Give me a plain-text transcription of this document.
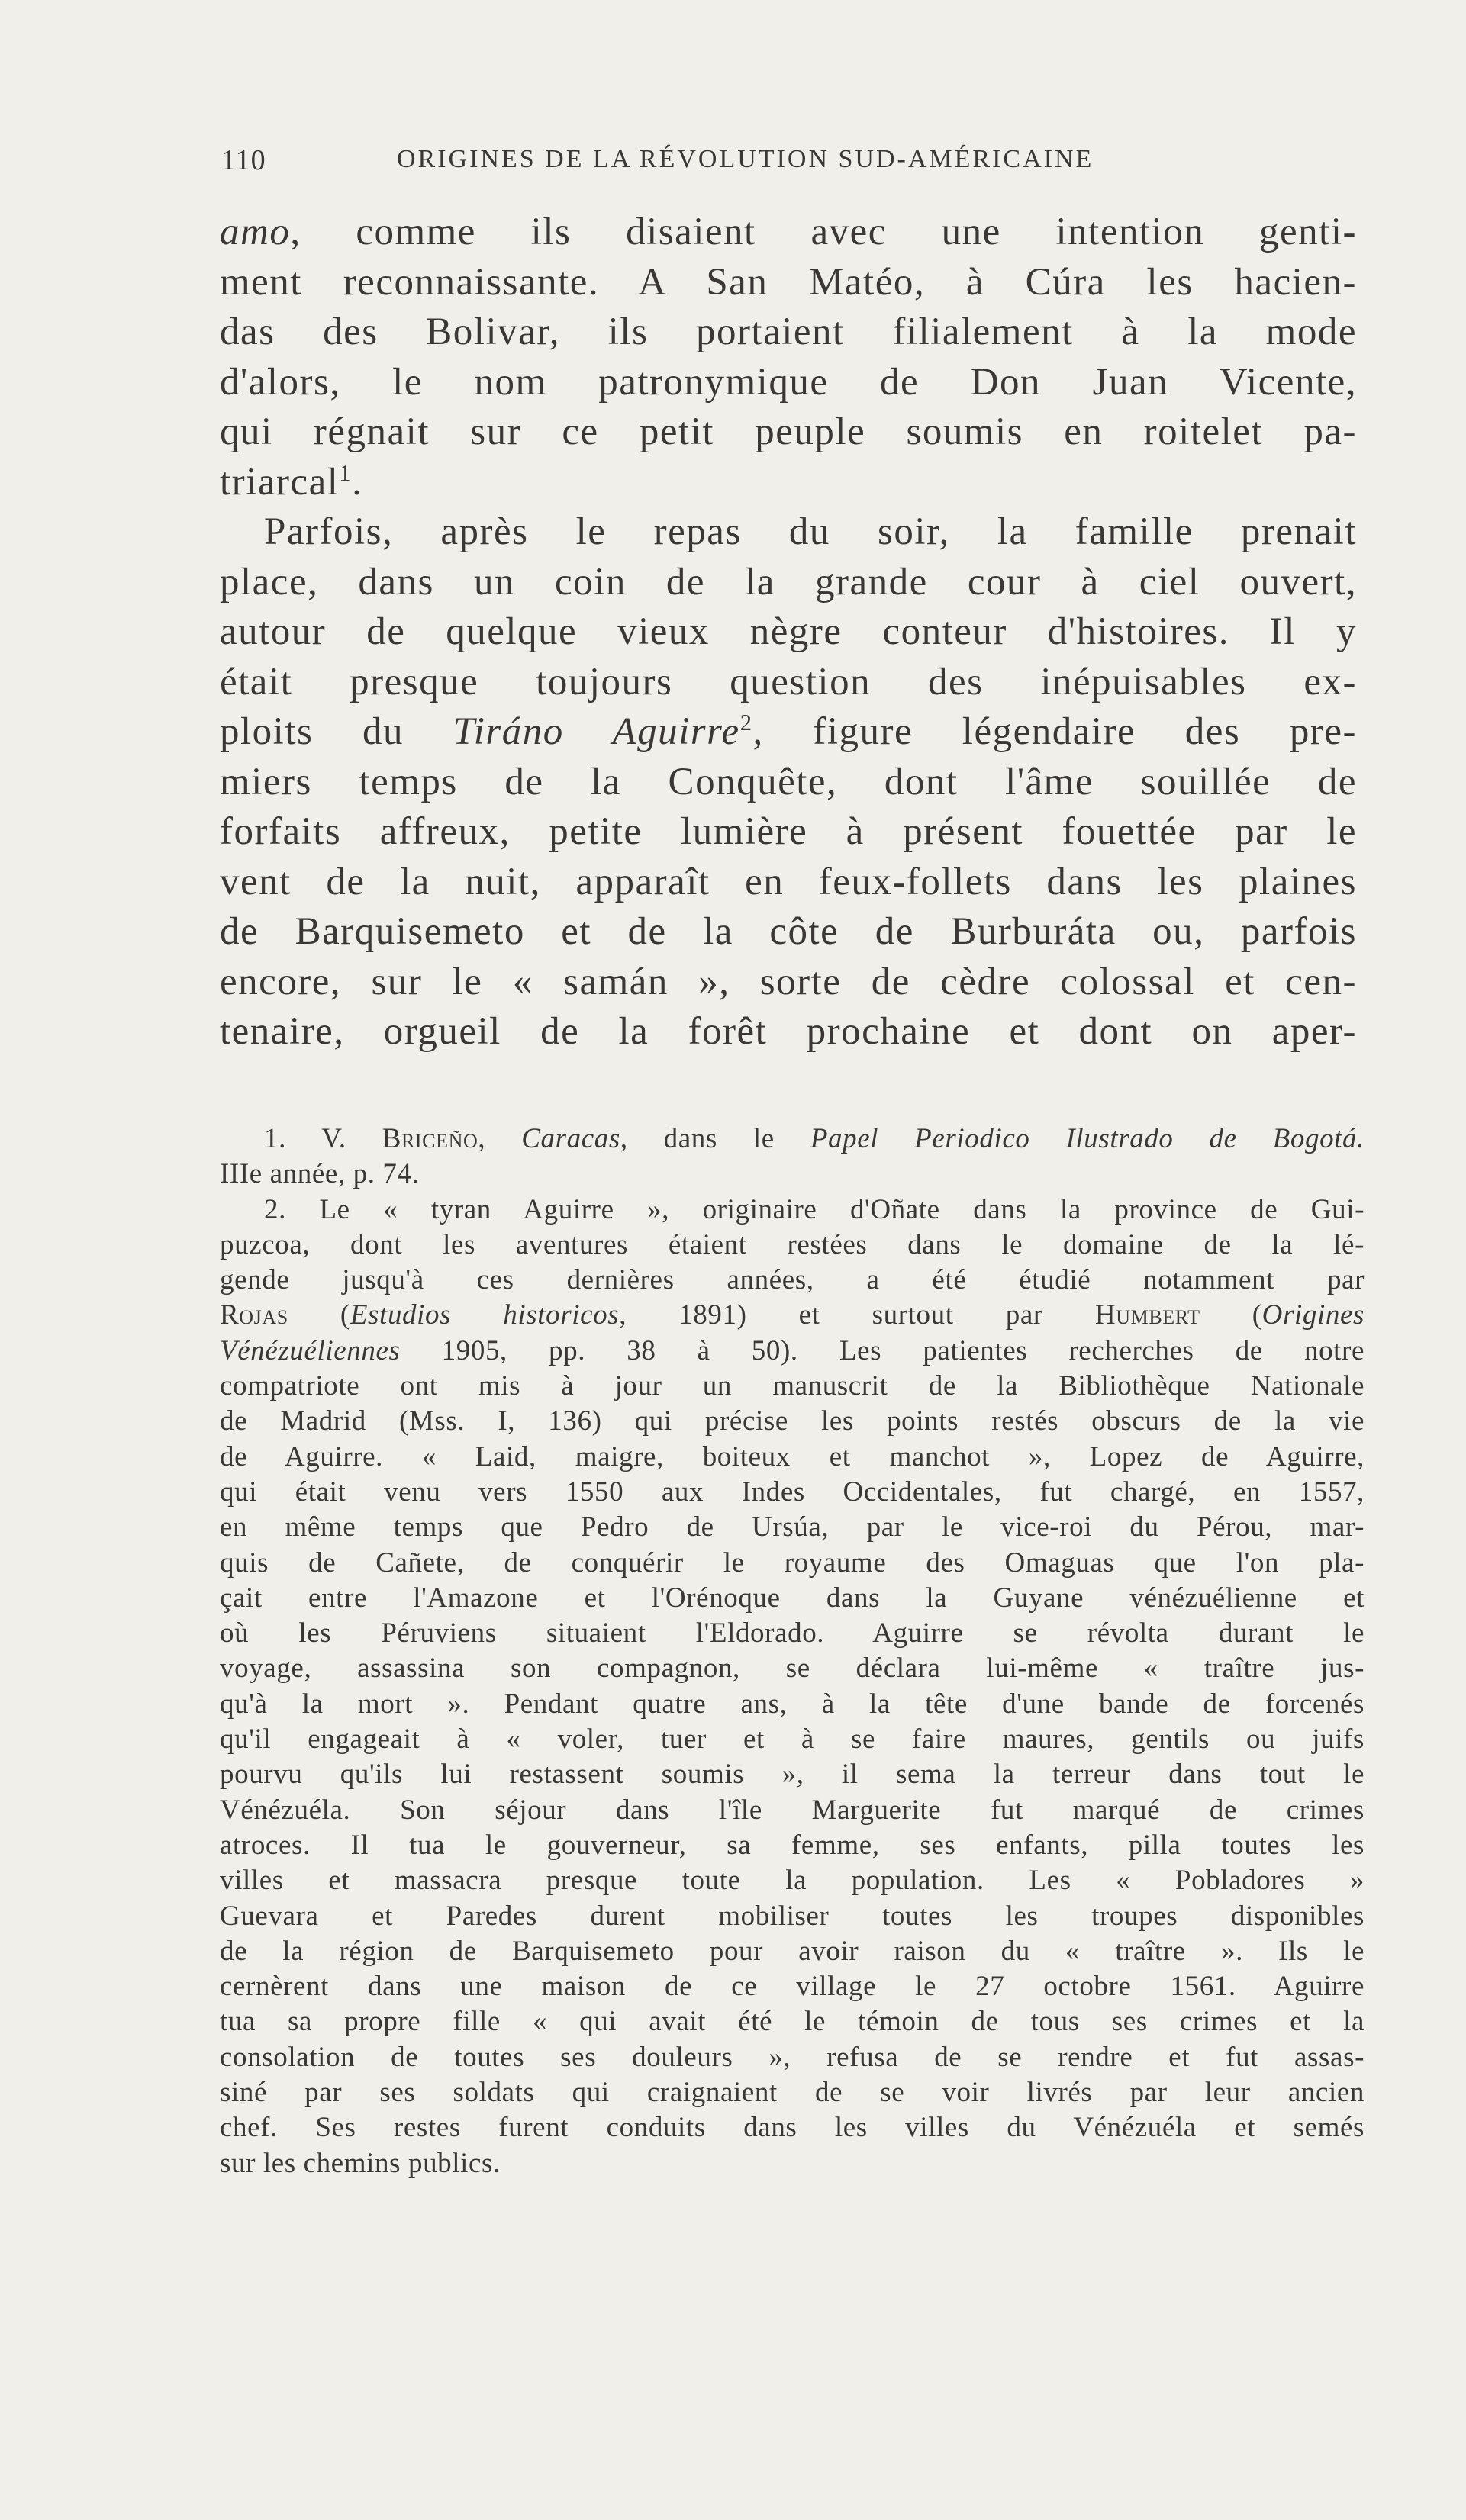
110	ORIGINES DE LA RÉVOLUTION SUD-AMÉRICAINE
amo, comme ils disaient avec une intention genti-
ment reconnaissante. A San Matéo, à Cúra les hacien-
das des Bolivar, ils portaient filialement à la mode
d'alors, le nom patronymique de Don Juan Vicente,
qui régnait sur ce petit peuple soumis en roitelet pa-
triarcal$^1$.
Parfois, après le repas du soir, la famille prenait
place, dans un coin de la grande cour à ciel ouvert,
autour de quelque vieux nègre conteur d'histoires. Il y
était presque toujours question des inépuisables ex-
ploits du Tiráno Aguirre$^2$, figure légendaire des pre-
miers temps de la Conquête, dont l'âme souillée de
forfaits affreux, petite lumière à présent fouettée par le
vent de la nuit, apparaît en feux-follets dans les plaines
de Barquisemeto et de la côte de Burburáta ou, parfois
encore, sur le « samán », sorte de cèdre colossal et cen-
tenaire, orgueil de la forêt prochaine et dont on aper-
1. V. Briceño, Caracas, dans le Papel Periodico Ilustrado de Bogotá.
IIIe année, p. 74.
2. Le « tyran Aguirre », originaire d'Oñate dans la province de Gui-
puzcoa, dont les aventures étaient restées dans le domaine de la lé-
gende jusqu'à ces dernières années, a été étudié notamment par
Rojas (Estudios historicos, 1891) et surtout par Humbert (Origines
Vénézuéliennes 1905, pp. 38 à 50). Les patientes recherches de notre
compatriote ont mis à jour un manuscrit de la Bibliothèque Nationale
de Madrid (Mss. I, 136) qui précise les points restés obscurs de la vie
de Aguirre. « Laid, maigre, boiteux et manchot », Lopez de Aguirre,
qui était venu vers 1550 aux Indes Occidentales, fut chargé, en 1557,
en même temps que Pedro de Ursúa, par le vice-roi du Pérou, mar-
quis de Cañete, de conquérir le royaume des Omaguas que l'on pla-
çait entre l'Amazone et l'Orénoque dans la Guyane vénézuélienne et
où les Péruviens situaient l'Eldorado. Aguirre se révolta durant le
voyage, assassina son compagnon, se déclara lui-même « traître jus-
qu'à la mort ». Pendant quatre ans, à la tête d'une bande de forcenés
qu'il engageait à « voler, tuer et à se faire maures, gentils ou juifs
pourvu qu'ils lui restassent soumis », il sema la terreur dans tout le
Vénézuéla. Son séjour dans l'île Marguerite fut marqué de crimes
atroces. Il tua le gouverneur, sa femme, ses enfants, pilla toutes les
villes et massacra presque toute la population. Les « Pobladores »
Guevara et Paredes durent mobiliser toutes les troupes disponibles
de la région de Barquisemeto pour avoir raison du « traître ». Ils le
cernèrent dans une maison de ce village le 27 octobre 1561. Aguirre
tua sa propre fille « qui avait été le témoin de tous ses crimes et la
consolation de toutes ses douleurs », refusa de se rendre et fut assas-
siné par ses soldats qui craignaient de se voir livrés par leur ancien
chef. Ses restes furent conduits dans les villes du Vénézuéla et semés
sur les chemins publics.
